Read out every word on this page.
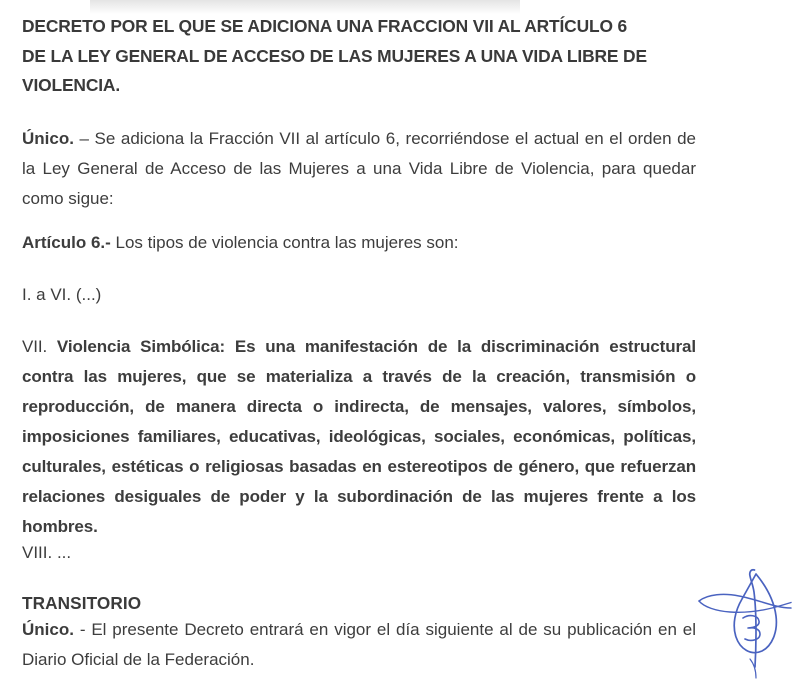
DECRETO POR EL QUE SE ADICIONA UNA FRACCION VII AL ARTÍCULO 6
DE LA LEY GENERAL DE ACCESO DE LAS MUJERES A UNA VIDA LIBRE DE
VIOLENCIA.
Único. – Se adiciona la Fracción VII al artículo 6, recorriéndose el actual en el orden de la Ley General de Acceso de las Mujeres a una Vida Libre de Violencia, para quedar como sigue:
Artículo 6.- Los tipos de violencia contra las mujeres son:
I. a VI. (...)
VII. Violencia Simbólica: Es una manifestación de la discriminación estructural contra las mujeres, que se materializa a través de la creación, transmisión o reproducción, de manera directa o indirecta, de mensajes, valores, símbolos, imposiciones familiares, educativas, ideológicas, sociales, económicas, políticas, culturales, estéticas o religiosas basadas en estereotipos de género, que refuerzan relaciones desiguales de poder y la subordinación de las mujeres frente a los hombres.
VIII. ...
TRANSITORIO
Único. - El presente Decreto entrará en vigor el día siguiente al de su publicación en el Diario Oficial de la Federación.
